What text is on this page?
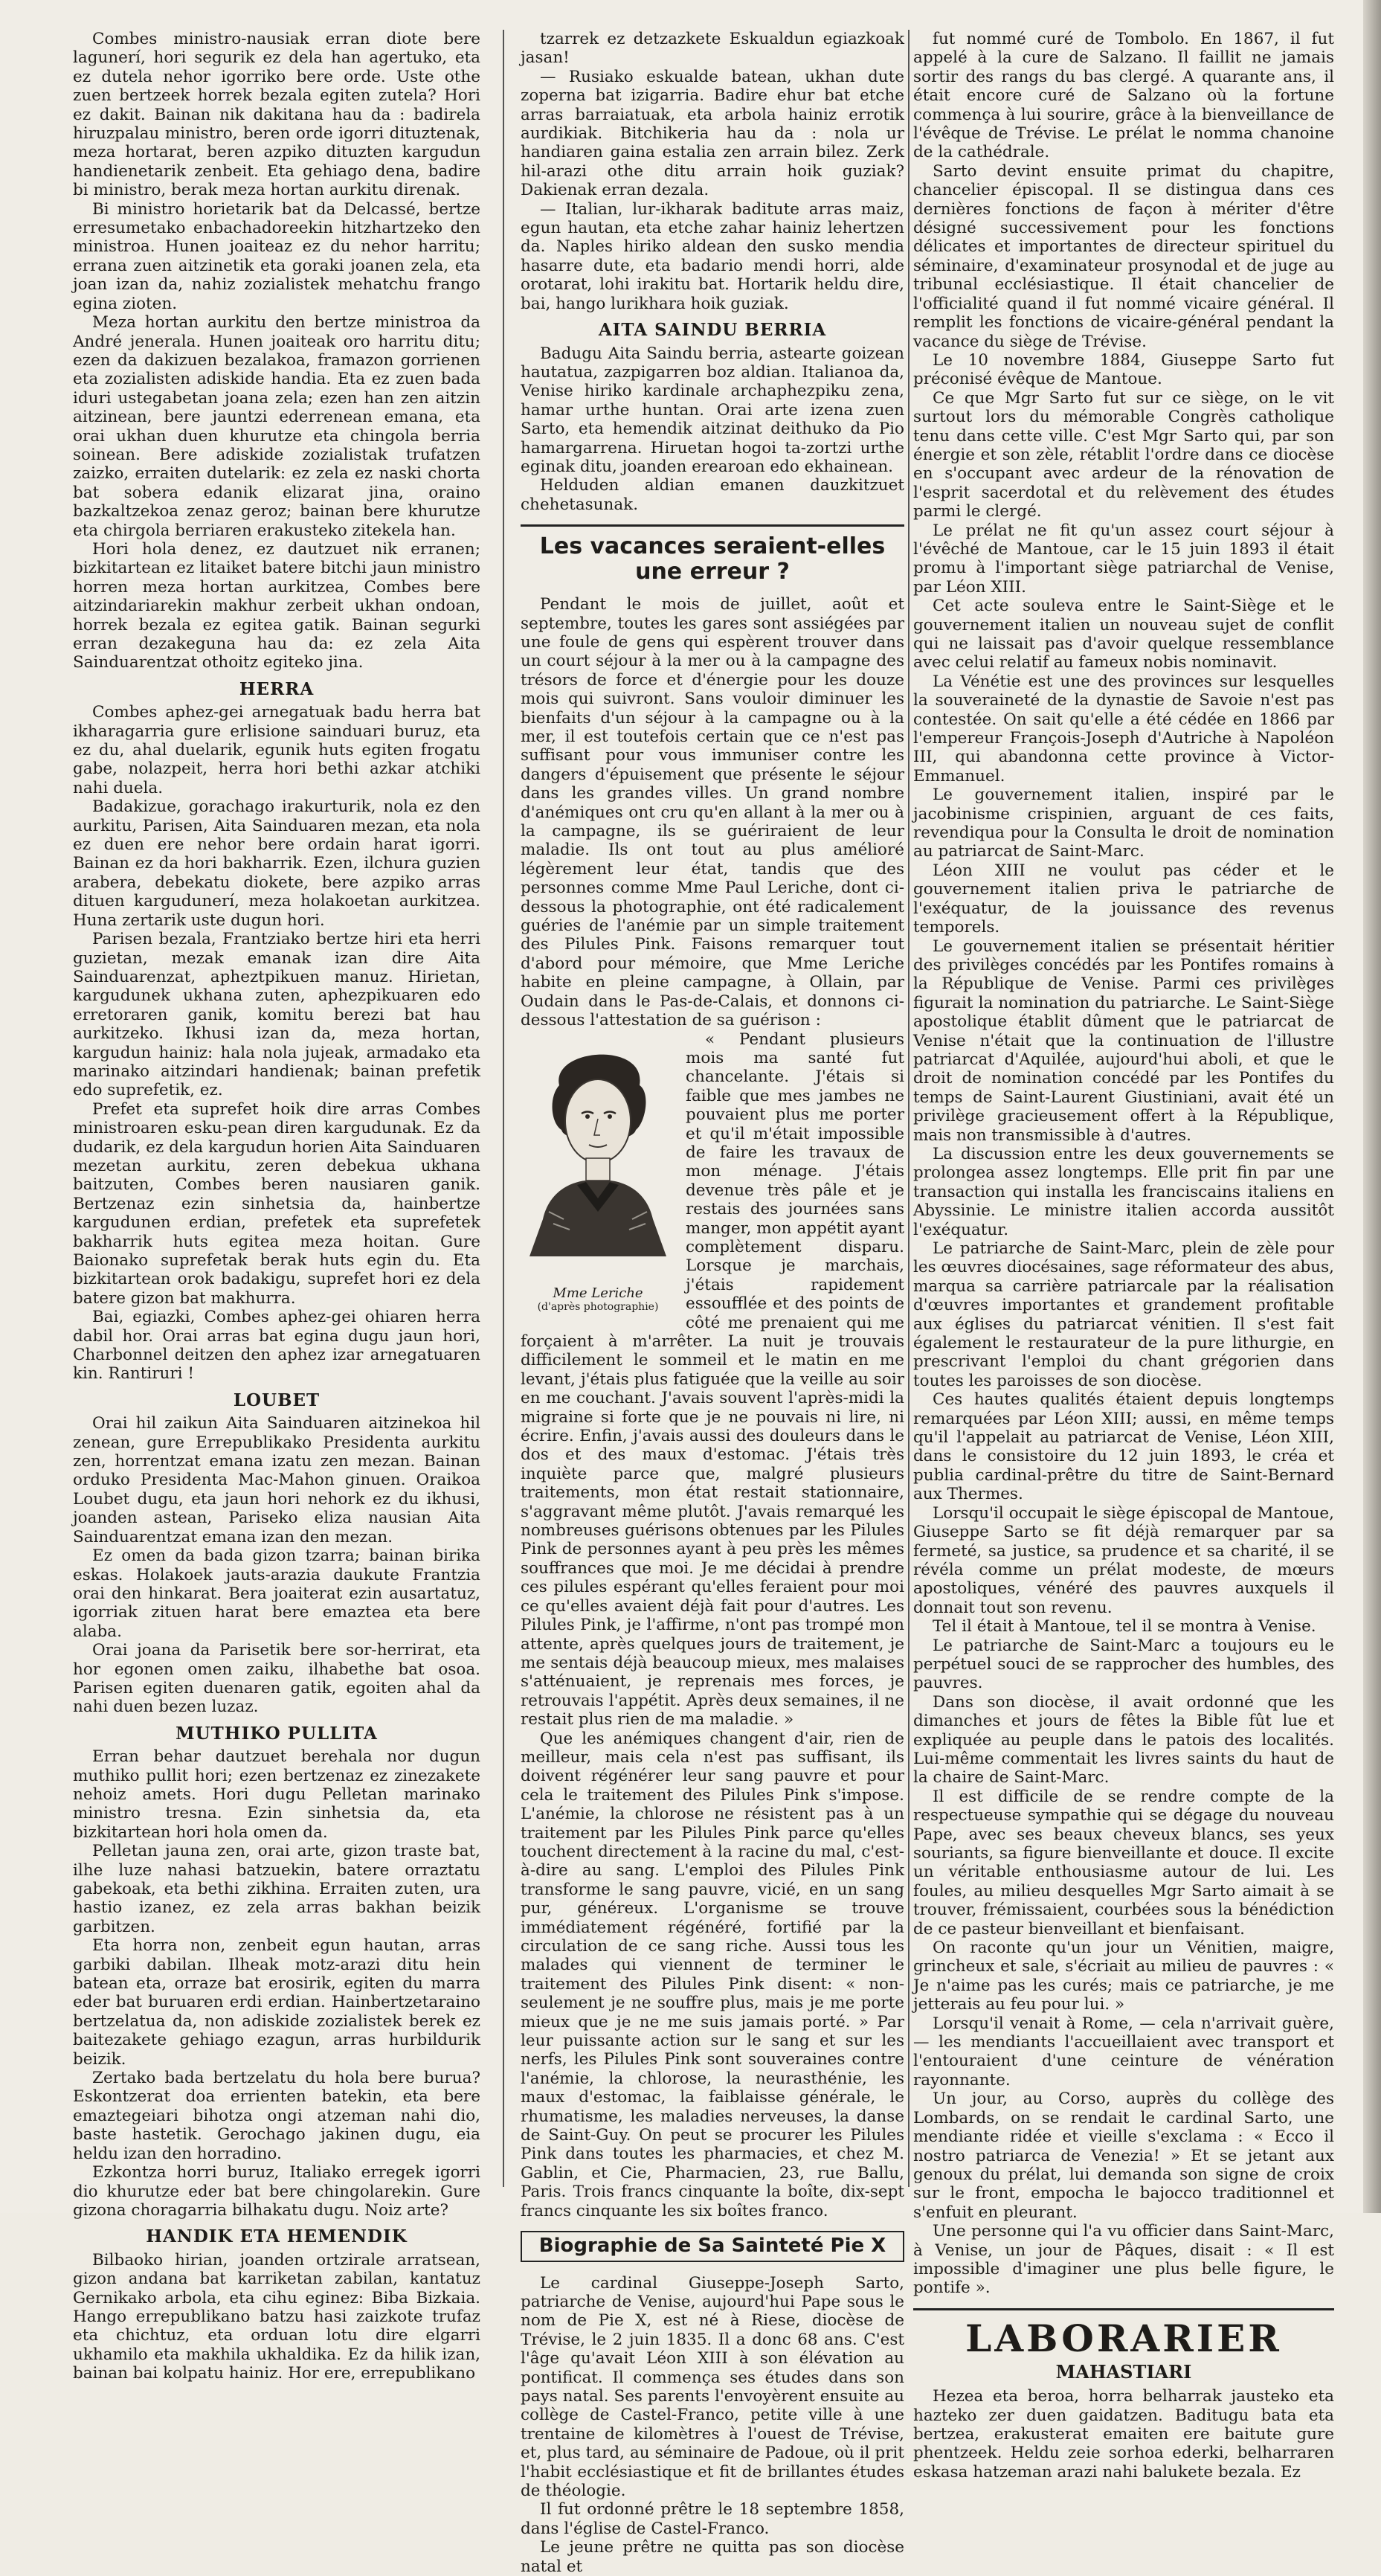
Combes ministro-nausiak erran diote bere lagunerí, hori segurik ez dela han agertuko, eta ez dutela nehor igorriko bere orde. Uste othe zuen bertzeek horrek bezala egiten zutela? Hori ez dakit. Bainan nik dakitana hau da : badirela hiruzpalau ministro, beren orde igorri dituztenak, meza hortarat, beren azpiko dituzten kargudun handienetarik zenbeit. Eta gehiago dena, badire bi ministro, berak meza hortan aurkitu direnak.

Bi ministro horietarik bat da Delcassé, bertze erresumetako enbachadoreekin hitzhartzeko den ministroa. Hunen joaiteaz ez du nehor harritu; errana zuen aitzinetik eta goraki joanen zela, eta joan izan da, nahiz zozialistek mehatchu frango egina zioten.

Meza hortan aurkitu den bertze ministroa da André jenerala. Hunen joaiteak oro harritu ditu; ezen da dakizuen bezalakoa, framazon gorrienen eta zozialisten adiskide handia. Eta ez zuen bada iduri ustegabetan joana zela; ezen han zen aitzin aitzinean, bere jauntzi ederrenean emana, eta orai ukhan duen khurutze eta chingola berria soinean. Bere adiskide zozialistak trufatzen zaizko, erraiten dutelarik: ez zela ez naski chorta bat sobera edanik elizarat jina, oraino bazkaltzekoa zenaz geroz; bainan bere khurutze eta chirgola berriaren erakusteko zitekela han.

Hori hola denez, ez dautzuet nik erranen; bizkitartean ez litaiket batere bitchi jaun ministro horren meza hortan aurkitzea, Combes bere aitzindariarekin makhur zerbeit ukhan ondoan, horrek bezala ez egitea gatik. Bainan segurki erran dezakeguna hau da: ez zela Aita Sainduarentzat othoitz egiteko jina.

HERRA

Combes aphez-gei arnegatuak badu herra bat ikharagarria gure erlisione sainduari buruz, eta ez du, ahal duelarik, egunik huts egiten frogatu gabe, nolazpeit, herra hori bethi azkar atchiki nahi duela.

Badakizue, gorachago irakurturik, nola ez den aurkitu, Parisen, Aita Sainduaren mezan, eta nola ez duen ere nehor bere ordain harat igorri. Bainan ez da hori bakharrik. Ezen, ilchura guzien arabera, debekatu diokete, bere azpiko arras dituen kargudunerí, meza holakoetan aurkitzea. Huna zertarik uste dugun hori.

Parisen bezala, Frantziako bertze hiri eta herri guzietan, mezak emanak izan dire Aita Sainduarenzat, apheztpikuen manuz. Hirietan, kargudunek ukhana zuten, aphezpikuaren edo erretoraren ganik, komitu berezi bat hau aurkitzeko. Ikhusi izan da, meza hortan, kargudun hainiz: hala nola jujeak, armadako eta marinako aitzindari handienak; bainan prefetik edo suprefetik, ez.

Prefet eta suprefet hoik dire arras Combes ministroaren esku-pean diren kargudunak. Ez da dudarik, ez dela kargudun horien Aita Sainduaren mezetan aurkitu, zeren debekua ukhana baitzuten, Combes beren nausiaren ganik. Bertzenaz ezin sinhetsia da, hainbertze kargudunen erdian, prefetek eta suprefetek bakharrik huts egitea meza hoitan. Gure Baionako suprefetak berak huts egin du. Eta bizkitartean orok badakigu, suprefet hori ez dela batere gizon bat makhurra.

Bai, egiazki, Combes aphez-gei ohiaren herra dabil hor. Orai arras bat egina dugu jaun hori, Charbonnel deitzen den aphez izar arnegatuaren kin. Rantiruri !

LOUBET

Orai hil zaikun Aita Sainduaren aitzinekoa hil zenean, gure Errepublikako Presidenta aurkitu zen, horrentzat emana izatu zen mezan. Bainan orduko Presidenta Mac-Mahon ginuen. Oraikoa Loubet dugu, eta jaun hori nehork ez du ikhusi, joanden astean, Pariseko eliza nausian Aita Sainduarentzat emana izan den mezan.

Ez omen da bada gizon tzarra; bainan birika eskas. Holakoek jauts-arazia daukute Frantzia orai den hinkarat. Bera joaiterat ezin ausartatuz, igorriak zituen harat bere emaztea eta bere alaba.

Orai joana da Parisetik bere sor-herrirat, eta hor egonen omen zaiku, ilhabethe bat osoa. Parisen egiten duenaren gatik, egoiten ahal da nahi duen bezen luzaz.

MUTHIKO PULLITA

Erran behar dautzuet berehala nor dugun muthiko pullit hori; ezen bertzenaz ez zinezakete nehoiz amets. Hori dugu Pelletan marinako ministro tresna. Ezin sinhetsia da, eta bizkitartean hori hola omen da.

Pelletan jauna zen, orai arte, gizon traste bat, ilhe luze nahasi batzuekin, batere orraztatu gabekoak, eta bethi zikhina. Erraiten zuten, ura hastio izanez, ez zela arras bakhan beizik garbitzen.

Eta horra non, zenbeit egun hautan, arras garbiki dabilan. Ilheak motz-arazi ditu hein batean eta, orraze bat erosirik, egiten du marra eder bat buruaren erdi erdian. Hainbertzetaraino bertzelatua da, non adiskide zozialistek berek ez baitezakete gehiago ezagun, arras hurbildurik beizik.

Zertako bada bertzelatu du hola bere burua? Eskontzerat doa errienten batekin, eta bere emaztegeiari bihotza ongi atzeman nahi dio, baste hastetik. Gerochago jakinen dugu, eia heldu izan den horradino.

Ezkontza horri buruz, Italiako erregek igorri dio khurutze eder bat bere chingolarekin. Gure gizona choragarria bilhakatu dugu. Noiz arte?

HANDIK ETA HEMENDIK

Bilbaoko hirian, joanden ortzirale arratsean, gizon andana bat karriketan zabilan, kantatuz Gernikako arbola, eta cihu eginez: Biba Bizkaia. Hango errepublikano batzu hasi zaizkote trufaz eta chichtuz, eta orduan lotu dire elgarri ukhamilo eta makhila ukhaldika. Ez da hilik izan, bainan bai kolpatu hainiz. Hor ere, errepublikano

tzarrek ez detzazkete Eskualdun egiazkoak jasan!

— Rusiako eskualde batean, ukhan dute zoperna bat izigarria. Badire ehur bat etche arras barraiatuak, eta arbola hainiz errotik aurdikiak. Bitchikeria hau da : nola ur handiaren gaina estalia zen arrain bilez. Zerk hil-arazi othe ditu arrain hoik guziak? Dakienak erran dezala.

— Italian, lur-ikharak baditute arras maiz, egun hautan, eta etche zahar hainiz lehertzen da. Naples hiriko aldean den susko mendia hasarre dute, eta badario mendi horri, alde orotarat, lohi irakitu bat. Hortarik heldu dire, bai, hango lurikhara hoik guziak.

AITA SAINDU BERRIA

Badugu Aita Saindu berria, astearte goizean hautatua, zazpigarren boz aldian. Italianoa da, Venise hiriko kardinale archaphezpiku zena, hamar urthe huntan. Orai arte izena zuen Sarto, eta hemendik aitzinat deithuko da Pio hamargarrena. Hiruetan hogoi ta-zortzi urthe eginak ditu, joanden erearoan edo ekhainean.

Helduden aldian emanen dauzkitzuet chehetasunak.

Les vacances seraient-elles une erreur ?

Pendant le mois de juillet, août et septembre, toutes les gares sont assiégées par une foule de gens qui espèrent trouver dans un court séjour à la mer ou à la campagne des trésors de force et d'énergie pour les douze mois qui suivront. Sans vouloir diminuer les bienfaits d'un séjour à la campagne ou à la mer, il est toutefois certain que ce n'est pas suffisant pour vous immuniser contre les dangers d'épuisement que présente le séjour dans les grandes villes. Un grand nombre d'anémiques ont cru qu'en allant à la mer ou à la campagne, ils se guériraient de leur maladie. Ils ont tout au plus amélioré légèrement leur état, tandis que des personnes comme Mme Paul Leriche, dont ci-dessous la photographie, ont été radicalement guéries de l'anémie par un simple traitement des Pilules Pink. Faisons remarquer tout d'abord pour mémoire, que Mme Leriche habite en pleine campagne, à Ollain, par Oudain dans le Pas-de-Calais, et donnons ci-dessous l'attestation de sa guérison :

Mme Leriche
(d'après photographie)

« Pendant plusieurs mois ma santé fut chancelante. J'étais si faible que mes jambes ne pouvaient plus me porter et qu'il m'était impossible de faire les travaux de mon ménage. J'étais devenue très pâle et je restais des journées sans manger, mon appétit ayant complètement disparu. Lorsque je marchais, j'étais rapidement essoufflée et des points de côté me prenaient qui me forçaient à m'arrêter. La nuit je trouvais difficilement le sommeil et le matin en me levant, j'étais plus fatiguée que la veille au soir en me couchant. J'avais souvent l'après-midi la migraine si forte que je ne pouvais ni lire, ni écrire. Enfin, j'avais aussi des douleurs dans le dos et des maux d'estomac. J'étais très inquiète parce que, malgré plusieurs traitements, mon état restait stationnaire, s'aggravant même plutôt. J'avais remarqué les nombreuses guérisons obtenues par les Pilules Pink de personnes ayant à peu près les mêmes souffrances que moi. Je me décidai à prendre ces pilules espérant qu'elles feraient pour moi ce qu'elles avaient déjà fait pour d'autres. Les Pilules Pink, je l'affirme, n'ont pas trompé mon attente, après quelques jours de traitement, je me sentais déjà beaucoup mieux, mes malaises s'atténuaient, je reprenais mes forces, je retrouvais l'appétit. Après deux semaines, il ne restait plus rien de ma maladie. »

Que les anémiques changent d'air, rien de meilleur, mais cela n'est pas suffisant, ils doivent régénérer leur sang pauvre et pour cela le traitement des Pilules Pink s'impose. L'anémie, la chlorose ne résistent pas à un traitement par les Pilules Pink parce qu'elles touchent directement à la racine du mal, c'est-à-dire au sang. L'emploi des Pilules Pink transforme le sang pauvre, vicié, en un sang pur, généreux. L'organisme se trouve immédiatement régénéré, fortifié par la circulation de ce sang riche. Aussi tous les malades qui viennent de terminer le traitement des Pilules Pink disent: « non-seulement je ne souffre plus, mais je me porte mieux que je ne me suis jamais porté. » Par leur puissante action sur le sang et sur les nerfs, les Pilules Pink sont souveraines contre l'anémie, la chlorose, la neurasthénie, les maux d'estomac, la faiblaisse générale, le rhumatisme, les maladies nerveuses, la danse de Saint-Guy. On peut se procurer les Pilules Pink dans toutes les pharmacies, et chez M. Gablin, et Cie, Pharmacien, 23, rue Ballu, Paris. Trois francs cinquante la boîte, dix-sept francs cinquante les six boîtes franco.

Biographie de Sa Sainteté Pie X

Le cardinal Giuseppe-Joseph Sarto, patriarche de Venise, aujourd'hui Pape sous le nom de Pie X, est né à Riese, diocèse de Trévise, le 2 juin 1835. Il a donc 68 ans. C'est l'âge qu'avait Léon XIII à son élévation au pontificat. Il commença ses études dans son pays natal. Ses parents l'envoyèrent ensuite au collège de Castel-Franco, petite ville à une trentaine de kilomètres à l'ouest de Trévise, et, plus tard, au séminaire de Padoue, où il prit l'habit ecclésiastique et fit de brillantes études de théologie.

Il fut ordonné prêtre le 18 septembre 1858, dans l'église de Castel-Franco.

Le jeune prêtre ne quitta pas son diocèse natal et

fut nommé curé de Tombolo. En 1867, il fut appelé à la cure de Salzano. Il faillit ne jamais sortir des rangs du bas clergé. A quarante ans, il était encore curé de Salzano où la fortune commença à lui sourire, grâce à la bienveillance de l'évêque de Trévise. Le prélat le nomma chanoine de la cathédrale.

Sarto devint ensuite primat du chapitre, chancelier épiscopal. Il se distingua dans ces dernières fonctions de façon à mériter d'être désigné successivement pour les fonctions délicates et importantes de directeur spirituel du séminaire, d'examinateur prosynodal et de juge au tribunal ecclésiastique. Il était chancelier de l'officialité quand il fut nommé vicaire général. Il remplit les fonctions de vicaire-général pendant la vacance du siège de Trévise.

Le 10 novembre 1884, Giuseppe Sarto fut préconisé évêque de Mantoue.

Ce que Mgr Sarto fut sur ce siège, on le vit surtout lors du mémorable Congrès catholique tenu dans cette ville. C'est Mgr Sarto qui, par son énergie et son zèle, rétablit l'ordre dans ce diocèse en s'occupant avec ardeur de la rénovation de l'esprit sacerdotal et du relèvement des études parmi le clergé.

Le prélat ne fit qu'un assez court séjour à l'évêché de Mantoue, car le 15 juin 1893 il était promu à l'important siège patriarchal de Venise, par Léon XIII.

Cet acte souleva entre le Saint-Siège et le gouvernement italien un nouveau sujet de conflit qui ne laissait pas d'avoir quelque ressemblance avec celui relatif au fameux nobis nominavit.

La Vénétie est une des provinces sur lesquelles la souveraineté de la dynastie de Savoie n'est pas contestée. On sait qu'elle a été cédée en 1866 par l'empereur François-Joseph d'Autriche à Napoléon III, qui abandonna cette province à Victor-Emmanuel.

Le gouvernement italien, inspiré par le jacobinisme crispinien, arguant de ces faits, revendiqua pour la Consulta le droit de nomination au patriarcat de Saint-Marc.

Léon XIII ne voulut pas céder et le gouvernement italien priva le patriarche de l'exéquatur, de la jouissance des revenus temporels.

Le gouvernement italien se présentait héritier des privilèges concédés par les Pontifes romains à la République de Venise. Parmi ces privilèges figurait la nomination du patriarche. Le Saint-Siège apostolique établit dûment que le patriarcat de Venise n'était que la continuation de l'illustre patriarcat d'Aquilée, aujourd'hui aboli, et que le droit de nomination concédé par les Pontifes du temps de Saint-Laurent Giustiniani, avait été un privilège gracieusement offert à la République, mais non transmissible à d'autres.

La discussion entre les deux gouvernements se prolongea assez longtemps. Elle prit fin par une transaction qui installa les franciscains italiens en Abyssinie. Le ministre italien accorda aussitôt l'exéquatur.

Le patriarche de Saint-Marc, plein de zèle pour les œuvres diocésaines, sage réformateur des abus, marqua sa carrière patriarcale par la réalisation d'œuvres importantes et grandement profitable aux églises du patriarcat vénitien. Il s'est fait également le restaurateur de la pure lithurgie, en prescrivant l'emploi du chant grégorien dans toutes les paroisses de son diocèse.

Ces hautes qualités étaient depuis longtemps remarquées par Léon XIII; aussi, en même temps qu'il l'appelait au patriarcat de Venise, Léon XIII, dans le consistoire du 12 juin 1893, le créa et publia cardinal-prêtre du titre de Saint-Bernard aux Thermes.

Lorsqu'il occupait le siège épiscopal de Mantoue, Giuseppe Sarto se fit déjà remarquer par sa fermeté, sa justice, sa prudence et sa charité, il se révéla comme un prélat modeste, de mœurs apostoliques, vénéré des pauvres auxquels il donnait tout son revenu.

Tel il était à Mantoue, tel il se montra à Venise.

Le patriarche de Saint-Marc a toujours eu le perpétuel souci de se rapprocher des humbles, des pauvres.

Dans son diocèse, il avait ordonné que les dimanches et jours de fêtes la Bible fût lue et expliquée au peuple dans le patois des localités. Lui-même commentait les livres saints du haut de la chaire de Saint-Marc.

Il est difficile de se rendre compte de la respectueuse sympathie qui se dégage du nouveau Pape, avec ses beaux cheveux blancs, ses yeux souriants, sa figure bienveillante et douce. Il excite un véritable enthousiasme autour de lui. Les foules, au milieu desquelles Mgr Sarto aimait à se trouver, frémissaient, courbées sous la bénédiction de ce pasteur bienveillant et bienfaisant.

On raconte qu'un jour un Vénitien, maigre, grincheux et sale, s'écriait au milieu de pauvres : « Je n'aime pas les curés; mais ce patriarche, je me jetterais au feu pour lui. »

Lorsqu'il venait à Rome, — cela n'arrivait guère, — les mendiants l'accueillaient avec transport et l'entouraient d'une ceinture de vénération rayonnante.

Un jour, au Corso, auprès du collège des Lombards, on se rendait le cardinal Sarto, une mendiante ridée et vieille s'exclama : « Ecco il nostro patriarca de Venezia! » Et se jetant aux genoux du prélat, lui demanda son signe de croix sur le front, empocha le bajocco traditionnel et s'enfuit en pleurant.

Une personne qui l'a vu officier dans Saint-Marc, à Venise, un jour de Pâques, disait : « Il est impossible d'imaginer une plus belle figure, le pontife ».

LABORARIER
MAHASTIARI

Hezea eta beroa, horra belharrak jausteko eta hazteko zer duen gaidatzen. Baditugu bata eta bertzea, erakusterat emaiten ere baitute gure phentzeek. Heldu zeie sorhoa ederki, belharraren eskasa hatzeman arazi nahi balukete bezala. Ez
